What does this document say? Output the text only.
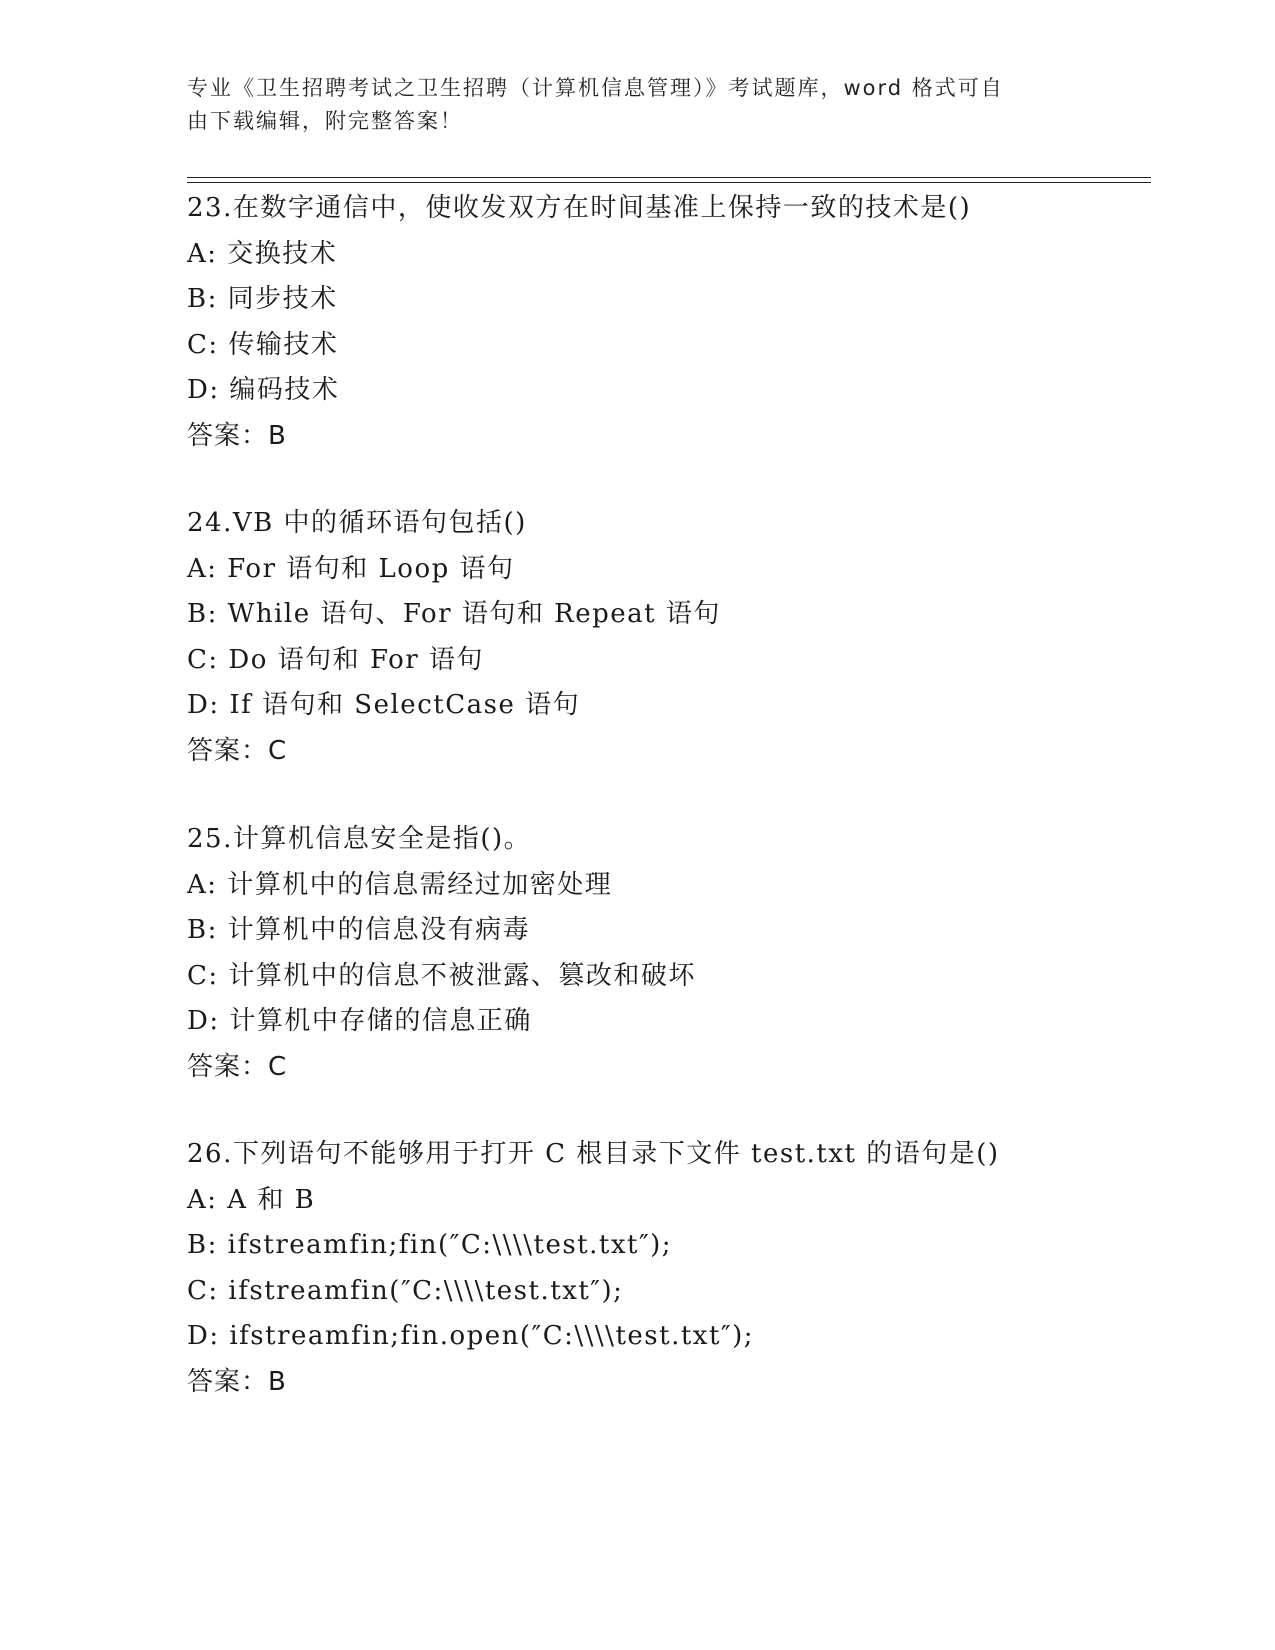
专业《卫生招聘考试之卫生招聘（计算机信息管理）》考试题库，word 格式可自
由下载编辑，附完整答案！
23.在数字通信中，使收发双方在时间基准上保持一致的技术是()
A: 交换技术
B: 同步技术
C: 传输技术
D: 编码技术
答案：B
24.VB 中的循环语句包括()
A: For 语句和 Loop 语句
B: While 语句、For 语句和 Repeat 语句
C: Do 语句和 For 语句
D: If 语句和 SelectCase 语句
答案：C
25.计算机信息安全是指()。
A: 计算机中的信息需经过加密处理
B: 计算机中的信息没有病毒
C: 计算机中的信息不被泄露、篡改和破坏
D: 计算机中存储的信息正确
答案：C
26.下列语句不能够用于打开 C 根目录下文件 test.txt 的语句是()
A: A 和 B
B: ifstreamfin;fin(″C:\\\\test.txt″);
C: ifstreamfin(″C:\\\\test.txt″);
D: ifstreamfin;fin.open(″C:\\\\test.txt″);
答案：B
